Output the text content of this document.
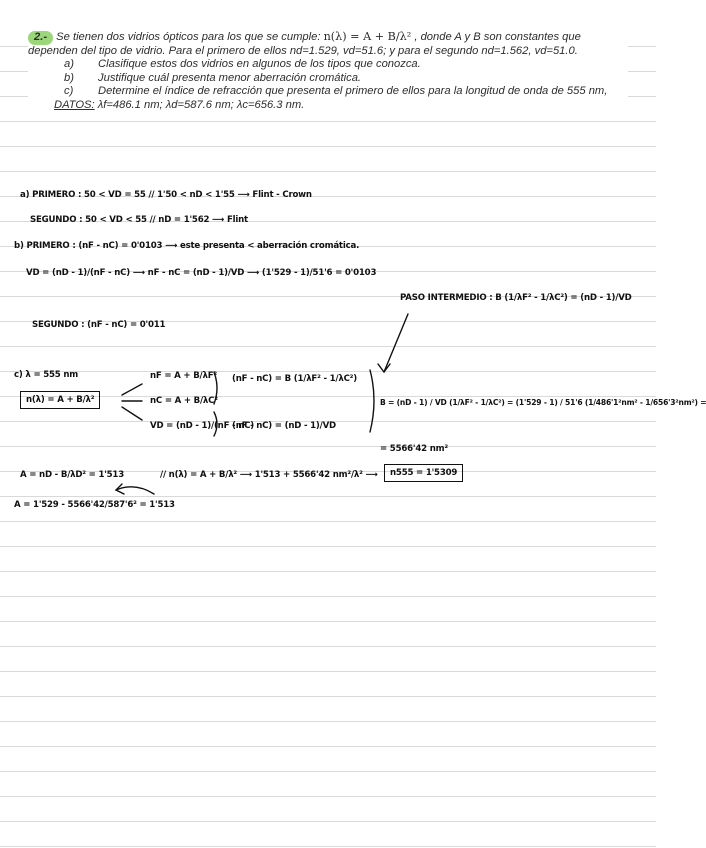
2.- Se tienen dos vidrios ópticos para los que se cumple: n(λ) = A + B/λ² , donde A y B son constantes que dependen del tipo de vidrio. Para el primero de ellos nd=1.529, vd=51.6; y para el segundo nd=1.562, vd=51.0.
a) Clasifique estos dos vidrios en algunos de los tipos que conozca.
b) Justifique cuál presenta menor aberración cromática.
c) Determine el índice de refracción que presenta el primero de ellos para la longitud de onda de 555 nm,
DATOS: λf=486.1 nm; λd=587.6 nm; λc=656.3 nm.
a) PRIMERO : 50 < VD = 55 // 1'50 < nD < 1'55 ⟶ Flint - Crown
SEGUNDO : 50 < VD < 55 // nD = 1'562 ⟶ Flint
b) PRIMERO : (nF - nC) = 0'0103 ⟶ este presenta < aberración cromática.
VD = (nD - 1)/(nF - nC) ⟶ nF - nC = (nD - 1)/VD ⟶ (1'529 - 1)/51'6 = 0'0103
PASO INTERMEDIO : B (1/λF² - 1/λC²) = (nD - 1)/VD
SEGUNDO : (nF - nC) = 0'011
c) λ = 555 nm
n(λ) = A + B/λ²
nF = A + B/λF²
nC = A + B/λC²
VD = (nD - 1)/(nF - nC)
(nF - nC) = B (1/λF² - 1/λC²)
(nF - nC) = (nD - 1)/VD
B = (nD - 1) / VD (1/λF² - 1/λC²) = (1'529 - 1) / 51'6 (1/486'1²nm² - 1/656'3²nm²) =
= 5566'42 nm²
A = nD - B/λD² = 1'513	// n(λ) = A + B/λ² ⟶ 1'513 + 5566'42 nm²/λ² ⟶	n555 = 1'5309
A = 1'529 - 5566'42/587'6² = 1'513
